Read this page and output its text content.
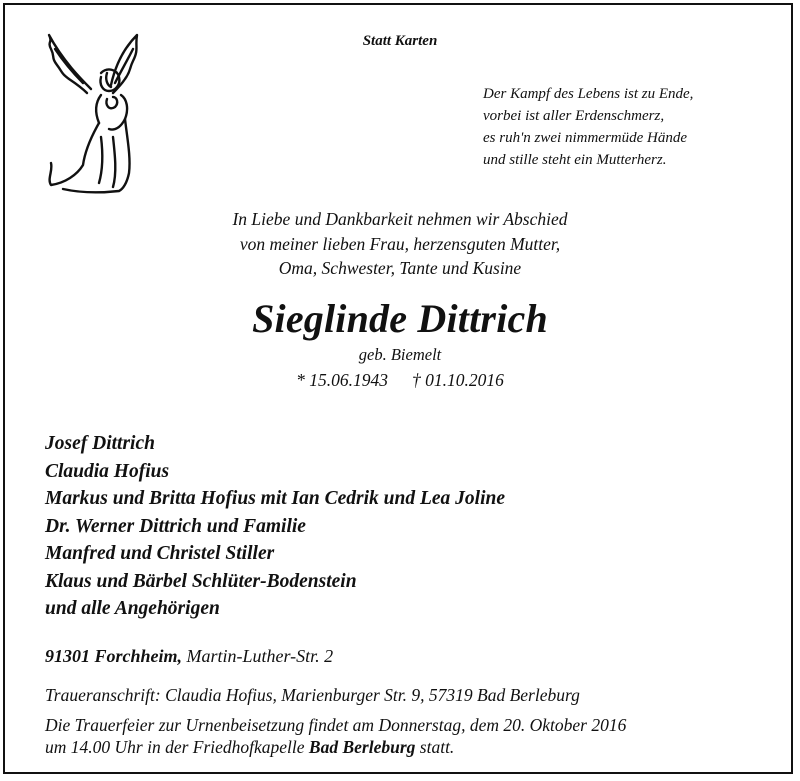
Statt Karten
Der Kampf des Lebens ist zu Ende,
vorbei ist aller Erdenschmerz,
es ruh'n zwei nimmermüde Hände
und stille steht ein Mutterherz.
In Liebe und Dankbarkeit nehmen wir Abschied
von meiner lieben Frau, herzensguten Mutter,
Oma, Schwester, Tante und Kusine
Sieglinde Dittrich
geb. Biemelt
* 15.06.1943 † 01.10.2016
Josef Dittrich
Claudia Hofius
Markus und Britta Hofius mit Ian Cedrik und Lea Joline
Dr. Werner Dittrich und Familie
Manfred und Christel Stiller
Klaus und Bärbel Schlüter-Bodenstein
und alle Angehörigen
91301 Forchheim, Martin-Luther-Str. 2
Traueranschrift: Claudia Hofius, Marienburger Str. 9, 57319 Bad Berleburg
Die Trauerfeier zur Urnenbeisetzung findet am Donnerstag, dem 20. Oktober 2016
um 14.00 Uhr in der Friedhofkapelle Bad Berleburg statt.
